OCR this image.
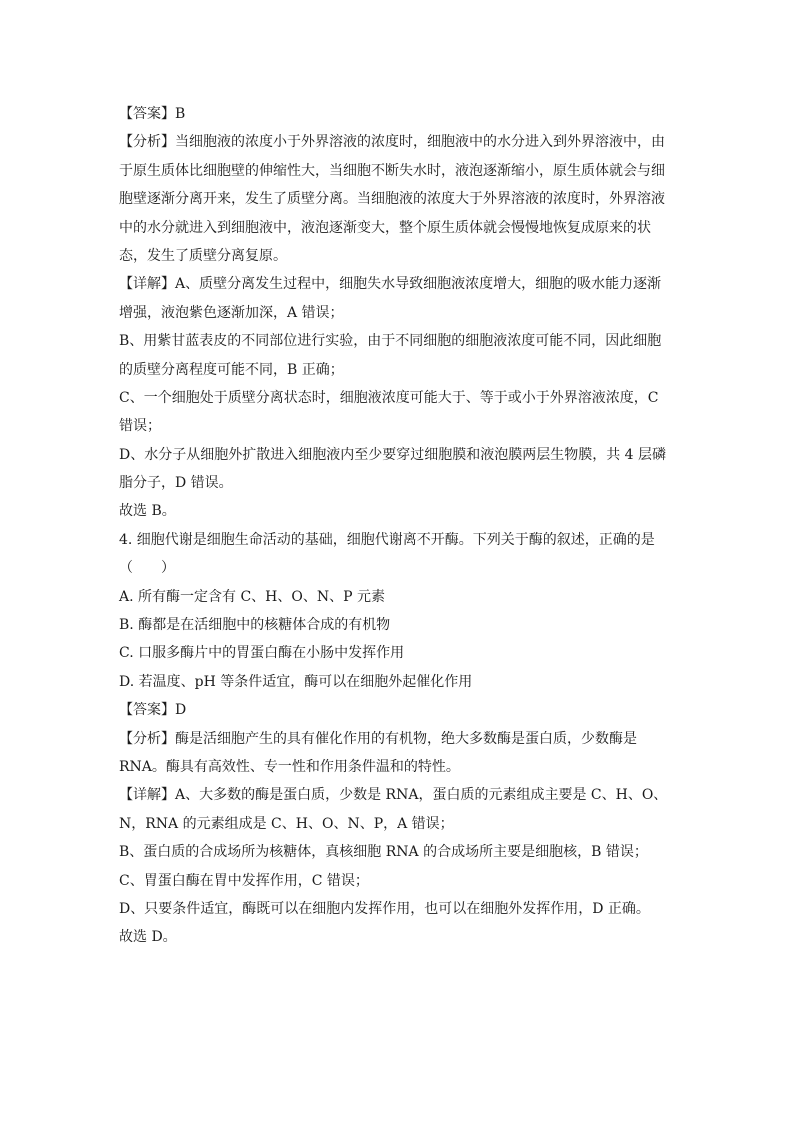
【答案】B
【分析】当细胞液的浓度小于外界溶液的浓度时，细胞液中的水分进入到外界溶液中，由
于原生质体比细胞壁的伸缩性大，当细胞不断失水时，液泡逐渐缩小，原生质体就会与细
胞壁逐渐分离开来，发生了质壁分离。当细胞液的浓度大于外界溶液的浓度时，外界溶液
中的水分就进入到细胞液中，液泡逐渐变大，整个原生质体就会慢慢地恢复成原来的状
态，发生了质壁分离复原。
【详解】A、质壁分离发生过程中，细胞失水导致细胞液浓度增大，细胞的吸水能力逐渐
增强，液泡紫色逐渐加深，A 错误；
B、用紫甘蓝表皮的不同部位进行实验，由于不同细胞的细胞液浓度可能不同，因此细胞
的质壁分离程度可能不同，B 正确；
C、一个细胞处于质壁分离状态时，细胞液浓度可能大于、等于或小于外界溶液浓度，C
错误；
D、水分子从细胞外扩散进入细胞液内至少要穿过细胞膜和液泡膜两层生物膜，共 4 层磷
脂分子，D 错误。
故选 B。
4. 细胞代谢是细胞生命活动的基础，细胞代谢离不开酶。下列关于酶的叙述，正确的是
（　　）
A. 所有酶一定含有 C、H、O、N、P 元素
B. 酶都是在活细胞中的核糖体合成的有机物
C. 口服多酶片中的胃蛋白酶在小肠中发挥作用
D. 若温度、pH 等条件适宜，酶可以在细胞外起催化作用
【答案】D
【分析】酶是活细胞产生的具有催化作用的有机物，绝大多数酶是蛋白质，少数酶是
RNA。酶具有高效性、专一性和作用条件温和的特性。
【详解】A、大多数的酶是蛋白质，少数是 RNA，蛋白质的元素组成主要是 C、H、O、
N，RNA 的元素组成是 C、H、O、N、P，A 错误；
B、蛋白质的合成场所为核糖体，真核细胞 RNA 的合成场所主要是细胞核，B 错误；
C、胃蛋白酶在胃中发挥作用，C 错误；
D、只要条件适宜，酶既可以在细胞内发挥作用，也可以在细胞外发挥作用，D 正确。
故选 D。
